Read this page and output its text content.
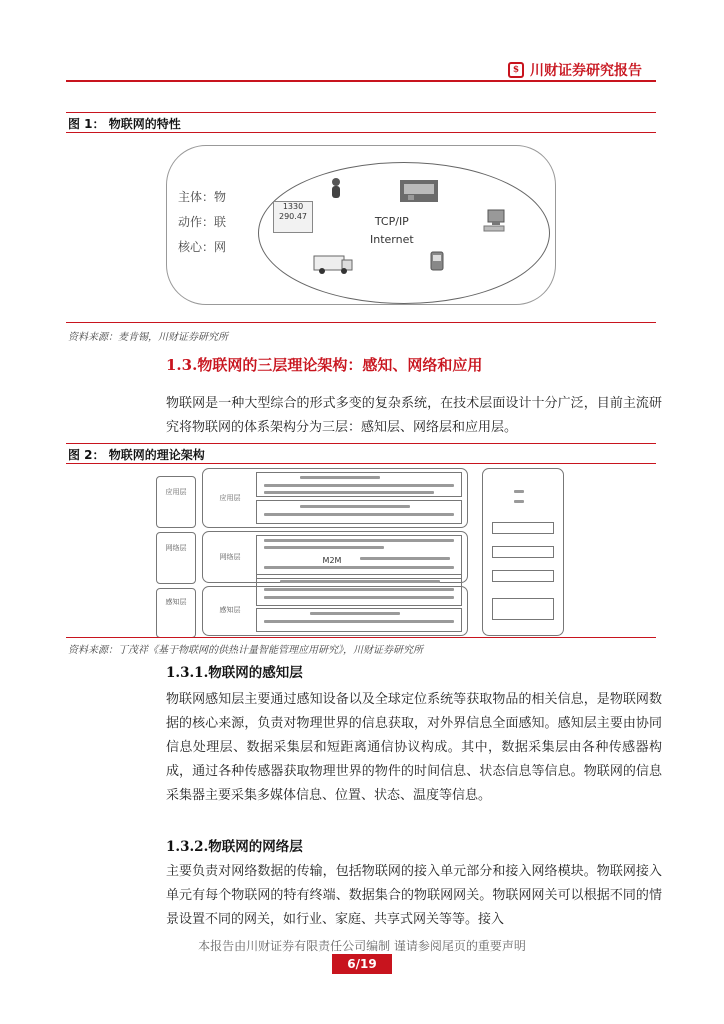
$ 川财证券研究报告
图 1： 物联网的特性
主体：物
动作：联
核心：网
TCP/IP
Internet
1330
290.47
资料来源：麦肯锡，川财证券研究所
1.3.物联网的三层理论架构：感知、网络和应用

物联网是一种大型综合的形式多变的复杂系统，在技术层面设计十分广泛，目前主流研究将物联网的体系架构分为三层：感知层、网络层和应用层。

图 2： 物联网的理论架构
应用层
网络层
感知层
应用层
网络层	M2M
感知层
资料来源：丁茂祥《基于物联网的供热计量智能管理应用研究》，川财证券研究所
1.3.1.物联网的感知层

物联网感知层主要通过感知设备以及全球定位系统等获取物品的相关信息，是物联网数据的核心来源，负责对物理世界的信息获取，对外界信息全面感知。感知层主要由协同信息处理层、数据采集层和短距离通信协议构成。其中，数据采集层由各种传感器构成，通过各种传感器获取物理世界的物件的时间信息、状态信息等信息。物联网的信息采集器主要采集多媒体信息、位置、状态、温度等信息。

1.3.2.物联网的网络层

主要负责对网络数据的传输，包括物联网的接入单元部分和接入网络模块。物联网接入单元有每个物联网的特有终端、数据集合的物联网网关。物联网网关可以根据不同的情景设置不同的网关，如行业、家庭、共享式网关等等。接入

本报告由川财证券有限责任公司编制 谨请参阅尾页的重要声明
6/19
